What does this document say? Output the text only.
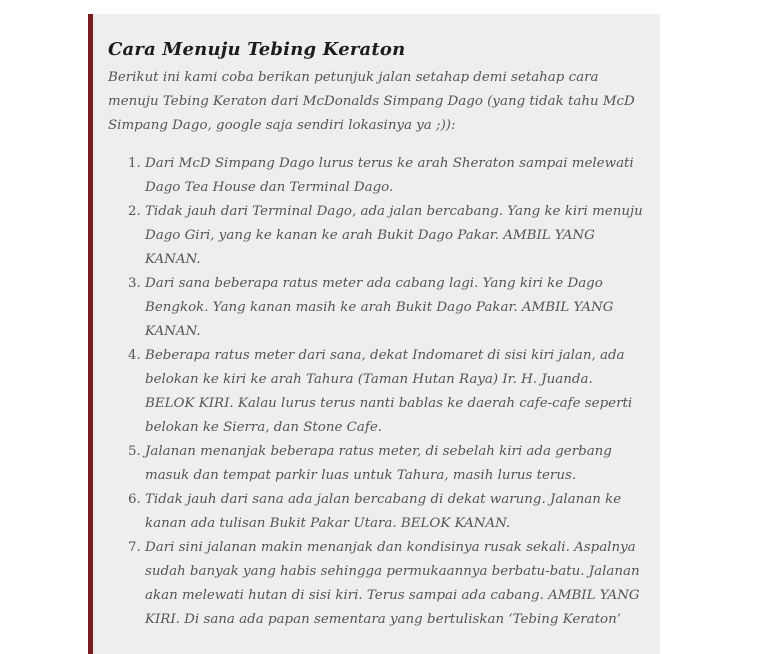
Cara Menuju Tebing Keraton

Berikut ini kami coba berikan petunjuk jalan setahap demi setahap cara menuju Tebing Keraton dari McDonalds Simpang Dago (yang tidak tahu McD Simpang Dago, google saja sendiri lokasinya ya ;)):

1. Dari McD Simpang Dago lurus terus ke arah Sheraton sampai melewati Dago Tea House dan Terminal Dago.
2. Tidak jauh dari Terminal Dago, ada jalan bercabang. Yang ke kiri menuju Dago Giri, yang ke kanan ke arah Bukit Dago Pakar. AMBIL YANG KANAN.
3. Dari sana beberapa ratus meter ada cabang lagi. Yang kiri ke Dago Bengkok. Yang kanan masih ke arah Bukit Dago Pakar. AMBIL YANG KANAN.
4. Beberapa ratus meter dari sana, dekat Indomaret di sisi kiri jalan, ada belokan ke kiri ke arah Tahura (Taman Hutan Raya) Ir. H. Juanda. BELOK KIRI. Kalau lurus terus nanti bablas ke daerah cafe-cafe seperti belokan ke Sierra, dan Stone Cafe.
5. Jalanan menanjak beberapa ratus meter, di sebelah kiri ada gerbang masuk dan tempat parkir luas untuk Tahura, masih lurus terus.
6. Tidak jauh dari sana ada jalan bercabang di dekat warung. Jalanan ke kanan ada tulisan Bukit Pakar Utara. BELOK KANAN.
7. Dari sini jalanan makin menanjak dan kondisinya rusak sekali. Aspalnya sudah banyak yang habis sehingga permukaannya berbatu-batu. Jalanan akan melewati hutan di sisi kiri. Terus sampai ada cabang. AMBIL YANG KIRI. Di sana ada papan sementara yang bertuliskan ‘Tebing Keraton’
